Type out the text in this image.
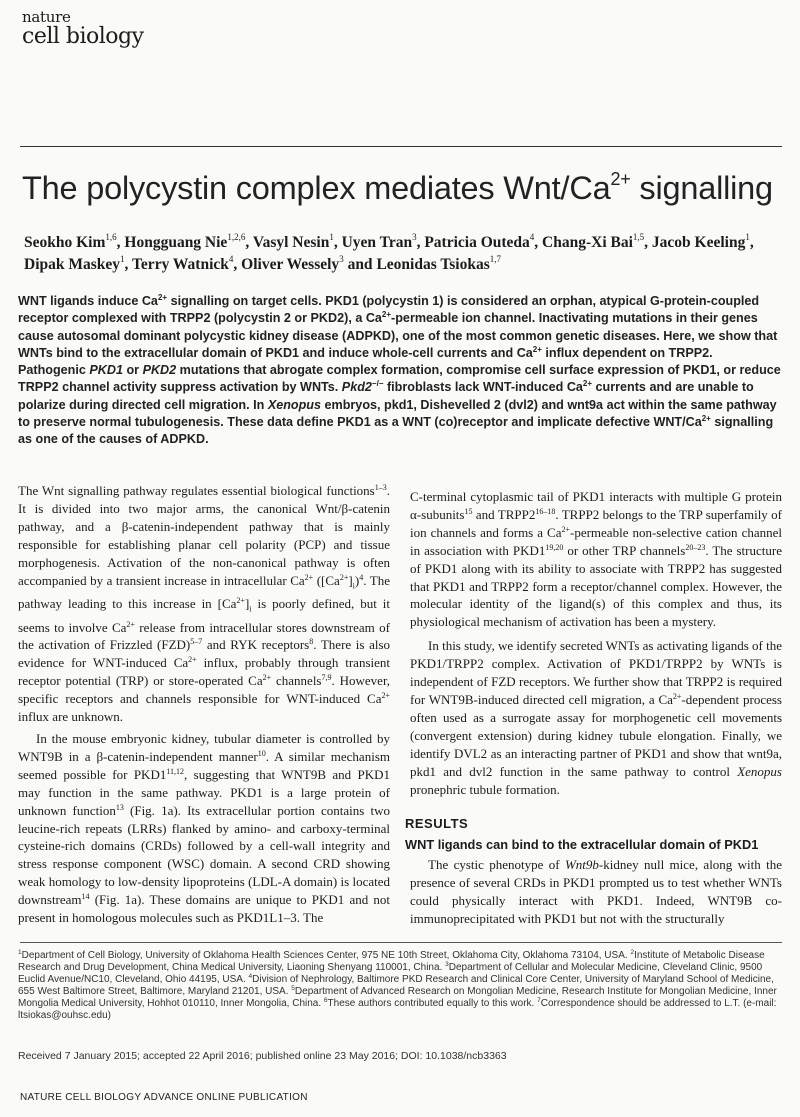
nature
cell biology
The polycystin complex mediates Wnt/$Ca^{2+}$ signalling
Seokho Kim$^{1,6}$, Hongguang Nie$^{1,2,6}$, Vasyl Nesin$^1$, Uyen Tran$^3$, Patricia Outeda$^4$, Chang-Xi Bai$^{1,5}$, Jacob Keeling$^1$, Dipak Maskey$^1$, Terry Watnick$^4$, Oliver Wessely$^3$ and Leonidas Tsiokas$^{1,7}$
WNT ligands induce $Ca^{2+}$ signalling on target cells. PKD1 (polycystin 1) is considered an orphan, atypical G-protein-coupled receptor complexed with TRPP2 (polycystin 2 or PKD2), a $Ca^{2+}$-permeable ion channel. Inactivating mutations in their genes cause autosomal dominant polycystic kidney disease (ADPKD), one of the most common genetic diseases. Here, we show that WNTs bind to the extracellular domain of PKD1 and induce whole-cell currents and $Ca^{2+}$ influx dependent on TRPP2. Pathogenic PKD1 or PKD2 mutations that abrogate complex formation, compromise cell surface expression of PKD1, or reduce TRPP2 channel activity suppress activation by WNTs. Pkd2−/− fibroblasts lack WNT-induced $Ca^{2+}$ currents and are unable to polarize during directed cell migration. In Xenopus embryos, pkd1, Dishevelled 2 (dvl2) and wnt9a act within the same pathway to preserve normal tubulogenesis. These data define PKD1 as a WNT (co)receptor and implicate defective WNT/$Ca^{2+}$ signalling as one of the causes of ADPKD.

The Wnt signalling pathway regulates essential biological functions$^{1-3}$. It is divided into two major arms, the canonical Wnt/β-catenin pathway, and a β-catenin-independent pathway that is mainly responsible for establishing planar cell polarity (PCP) and tissue morphogenesis. Activation of the non-canonical pathway is often accompanied by a transient increase in intracellular $Ca^{2+}$ $([Ca^{2+}]_i)^4$. The pathway leading to this increase in $[Ca^{2+}]_i$ is poorly defined, but it seems to involve $Ca^{2+}$ release from intracellular stores downstream of the activation of Frizzled (FZD)$^{5-7}$ and RYK receptors$^8$. There is also evidence for WNT-induced $Ca^{2+}$ influx, probably through transient receptor potential (TRP) or store-operated $Ca^{2+}$ channels$^{7,9}$. However, specific receptors and channels responsible for WNT-induced $Ca^{2+}$ influx are unknown.

In the mouse embryonic kidney, tubular diameter is controlled by WNT9B in a β-catenin-independent manner$^{10}$. A similar mechanism seemed possible for PKD1$^{11,12}$, suggesting that WNT9B and PKD1 may function in the same pathway. PKD1 is a large protein of unknown function$^{13}$ (Fig. 1a). Its extracellular portion contains two leucine-rich repeats (LRRs) flanked by amino- and carboxy-terminal cysteine-rich domains (CRDs) followed by a cell-wall integrity and stress response component (WSC) domain. A second CRD showing weak homology to low-density lipoproteins (LDL-A domain) is located downstream$^{14}$ (Fig. 1a). These domains are unique to PKD1 and not present in homologous molecules such as PKD1L1–3. The

C-terminal cytoplasmic tail of PKD1 interacts with multiple G protein α-subunits$^{15}$ and TRPP2$^{16-18}$. TRPP2 belongs to the TRP superfamily of ion channels and forms a $Ca^{2+}$-permeable non-selective cation channel in association with PKD1$^{19,20}$ or other TRP channels$^{20-23}$. The structure of PKD1 along with its ability to associate with TRPP2 has suggested that PKD1 and TRPP2 form a receptor/channel complex. However, the molecular identity of the ligand(s) of this complex and thus, its physiological mechanism of activation has been a mystery.

In this study, we identify secreted WNTs as activating ligands of the PKD1/TRPP2 complex. Activation of PKD1/TRPP2 by WNTs is independent of FZD receptors. We further show that TRPP2 is required for WNT9B-induced directed cell migration, a $Ca^{2+}$-dependent process often used as a surrogate assay for morphogenetic cell movements (convergent extension) during kidney tubule elongation. Finally, we identify DVL2 as an interacting partner of PKD1 and show that wnt9a, pkd1 and dvl2 function in the same pathway to control Xenopus pronephric tubule formation.

RESULTS
WNT ligands can bind to the extracellular domain of PKD1
The cystic phenotype of Wnt9b-kidney null mice, along with the presence of several CRDs in PKD1 prompted us to test whether WNTs could physically interact with PKD1. Indeed, WNT9B co-immunoprecipitated with PKD1 but not with the structurally
$^1$Department of Cell Biology, University of Oklahoma Health Sciences Center, 975 NE 10th Street, Oklahoma City, Oklahoma 73104, USA. $^2$Institute of Metabolic Disease Research and Drug Development, China Medical University, Liaoning Shenyang 110001, China. $^3$Department of Cellular and Molecular Medicine, Cleveland Clinic, 9500 Euclid Avenue/NC10, Cleveland, Ohio 44195, USA. $^4$Division of Nephrology, Baltimore PKD Research and Clinical Core Center, University of Maryland School of Medicine, 655 West Baltimore Street, Baltimore, Maryland 21201, USA. $^5$Department of Advanced Research on Mongolian Medicine, Research Institute for Mongolian Medicine, Inner Mongolia Medical University, Hohhot 010110, Inner Mongolia, China. $^6$These authors contributed equally to this work. $^7$Correspondence should be addressed to L.T. (e-mail: ltsiokas@ouhsc.edu)
Received 7 January 2015; accepted 22 April 2016; published online 23 May 2016; DOI: 10.1038/ncb3363
NATURE CELL BIOLOGY ADVANCE ONLINE PUBLICATION
